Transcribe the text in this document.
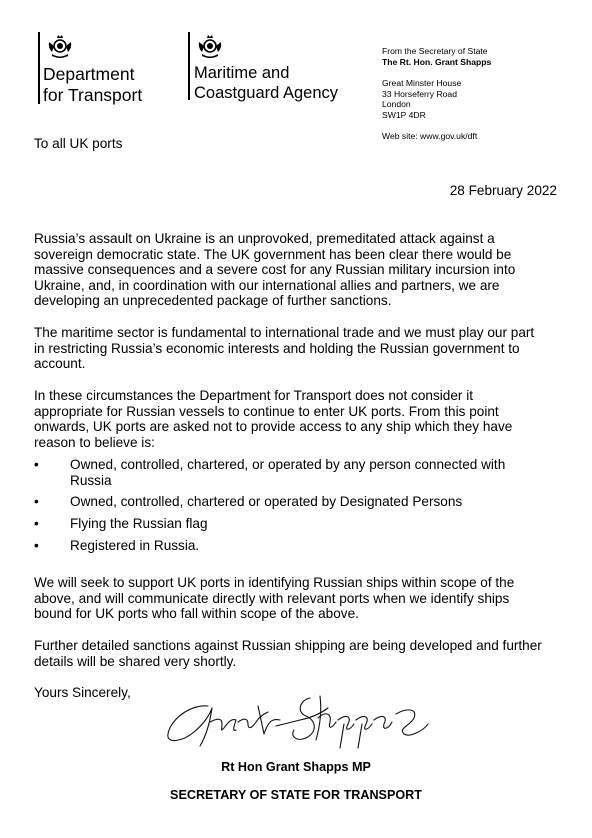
Department
for Transport
Maritime and
Coastguard Agency
From the Secretary of State
The Rt. Hon. Grant Shapps
Great Minster House
33 Horseferry Road
London
SW1P 4DR
Web site: www.gov.uk/dft
To all UK ports
28 February 2022
Russia’s assault on Ukraine is an unprovoked, premeditated attack against a
sovereign democratic state. The UK government has been clear there would be
massive consequences and a severe cost for any Russian military incursion into
Ukraine, and, in coordination with our international allies and partners, we are
developing an unprecedented package of further sanctions.
The maritime sector is fundamental to international trade and we must play our part
in restricting Russia’s economic interests and holding the Russian government to
account.
In these circumstances the Department for Transport does not consider it
appropriate for Russian vessels to continue to enter UK ports. From this point
onwards, UK ports are asked not to provide access to any ship which they have
reason to believe is:
• Owned, controlled, chartered, or operated by any person connected with
Russia
• Owned, controlled, chartered or operated by Designated Persons
• Flying the Russian flag
• Registered in Russia.
We will seek to support UK ports in identifying Russian ships within scope of the
above, and will communicate directly with relevant ports when we identify ships
bound for UK ports who fall within scope of the above.
Further detailed sanctions against Russian shipping are being developed and further
details will be shared very shortly.
Yours Sincerely,
Rt Hon Grant Shapps MP
SECRETARY OF STATE FOR TRANSPORT
